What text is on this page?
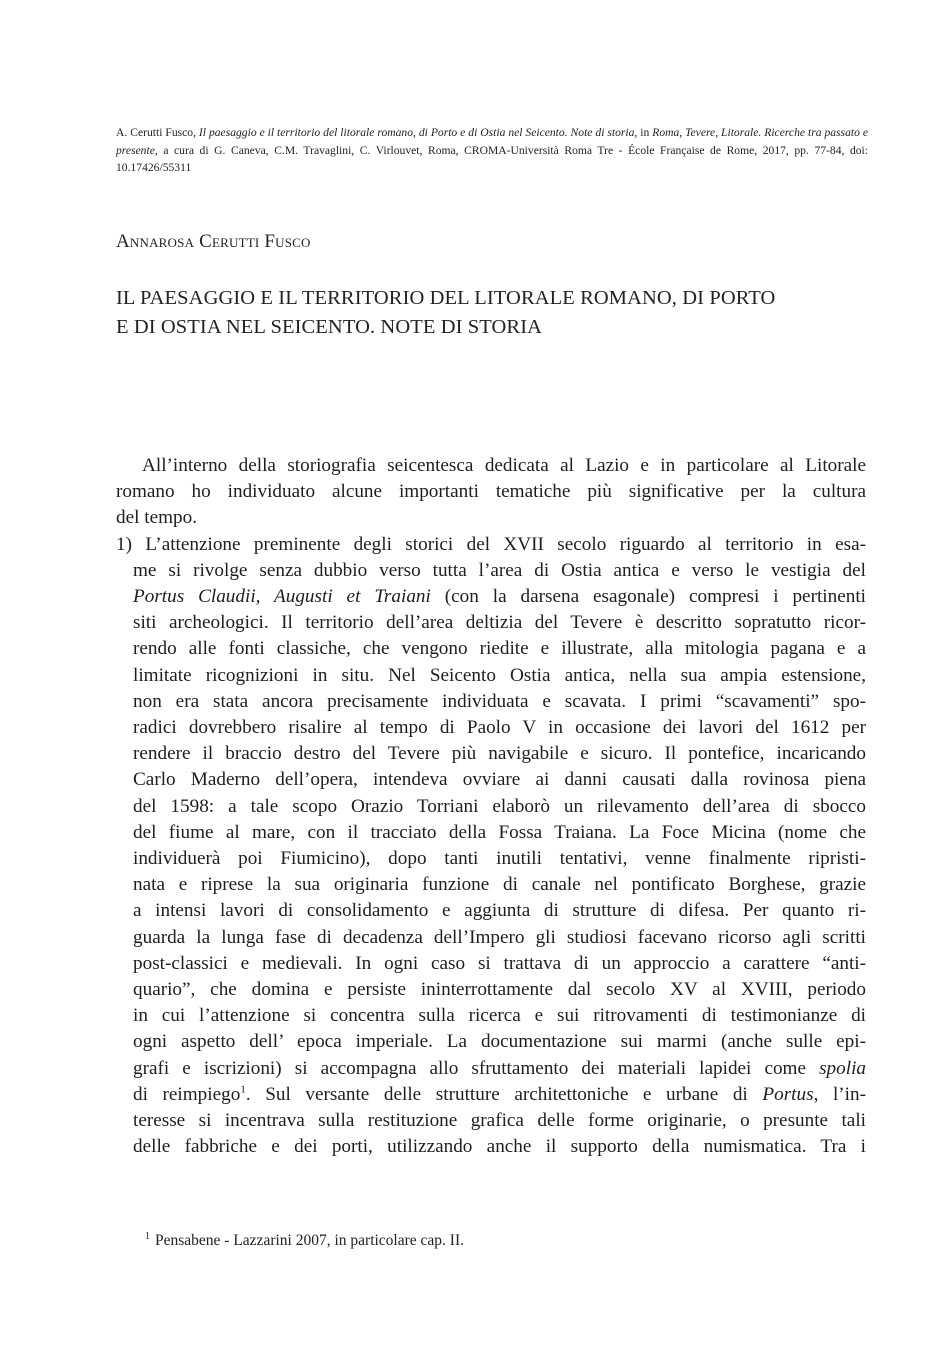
A. Cerutti Fusco, Il paesaggio e il territorio del litorale romano, di Porto e di Ostia nel Seicento. Note di storia, in Roma, Tevere, Litorale. Ricerche tra passato e presente, a cura di G. Caneva, C.M. Travaglini, C. Virlouvet, Roma, CROMA-Università Roma Tre - École Française de Rome, 2017, pp. 77-84, doi: 10.17426/55311
Annarosa Cerutti Fusco
IL PAESAGGIO E IL TERRITORIO DEL LITORALE ROMANO, DI PORTO
E DI OSTIA NEL SEICENTO. NOTE DI STORIA

All’interno della storiografia seicentesca dedicata al Lazio e in particolare al Litorale
romano ho individuato alcune importanti tematiche più significative per la cultura
del tempo.

1) L’attenzione preminente degli storici del XVII secolo riguardo al territorio in esa-
me si rivolge senza dubbio verso tutta l’area di Ostia antica e verso le vestigia del
Portus Claudii, Augusti et Traiani (con la darsena esagonale) compresi i pertinenti
siti archeologici. Il territorio dell’area deltizia del Tevere è descritto sopratutto ricor-
rendo alle fonti classiche, che vengono riedite e illustrate, alla mitologia pagana e a
limitate ricognizioni in situ. Nel Seicento Ostia antica, nella sua ampia estensione,
non era stata ancora precisamente individuata e scavata. I primi “scavamenti” spo-
radici dovrebbero risalire al tempo di Paolo V in occasione dei lavori del 1612 per
rendere il braccio destro del Tevere più navigabile e sicuro. Il pontefice, incaricando
Carlo Maderno dell’opera, intendeva ovviare ai danni causati dalla rovinosa piena
del 1598: a tale scopo Orazio Torriani elaborò un rilevamento dell’area di sbocco
del fiume al mare, con il tracciato della Fossa Traiana. La Foce Micina (nome che
individuerà poi Fiumicino), dopo tanti inutili tentativi, venne finalmente ripristi-
nata e riprese la sua originaria funzione di canale nel pontificato Borghese, grazie
a intensi lavori di consolidamento e aggiunta di strutture di difesa. Per quanto ri-
guarda la lunga fase di decadenza dell’Impero gli studiosi facevano ricorso agli scritti
post-classici e medievali. In ogni caso si trattava di un approccio a carattere “anti-
quario”, che domina e persiste ininterrottamente dal secolo XV al XVIII, periodo
in cui l’attenzione si concentra sulla ricerca e sui ritrovamenti di testimonianze di
ogni aspetto dell’ epoca imperiale. La documentazione sui marmi (anche sulle epi-
grafi e iscrizioni) si accompagna allo sfruttamento dei materiali lapidei come spolia
di reimpiego$^1$. Sul versante delle strutture architettoniche e urbane di Portus, l’in-
teresse si incentrava sulla restituzione grafica delle forme originarie, o presunte tali
delle fabbriche e dei porti, utilizzando anche il supporto della numismatica. Tra i
$^1$ Pensabene - Lazzarini 2007, in particolare cap. II.
